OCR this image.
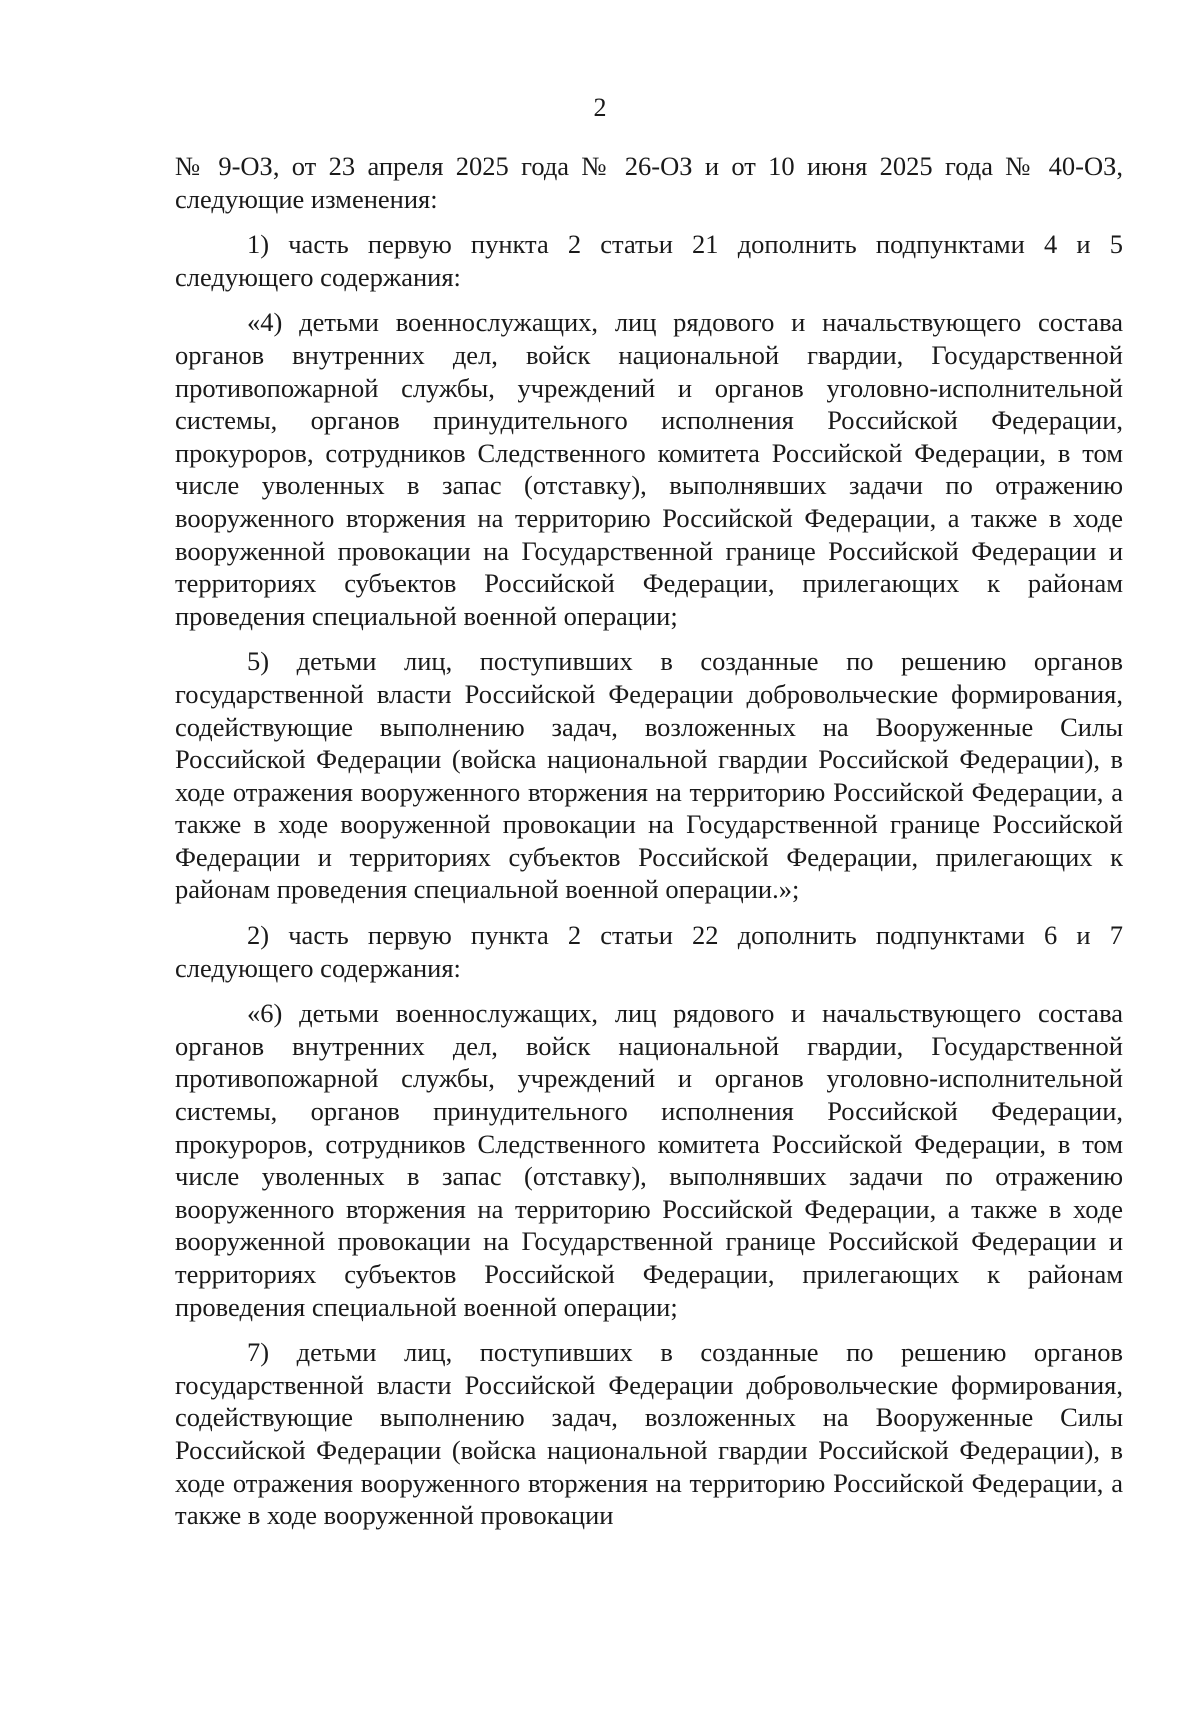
2

№ 9-ОЗ, от 23 апреля 2025 года № 26-ОЗ и от 10 июня 2025 года № 40-ОЗ, следующие изменения:

1) часть первую пункта 2 статьи 21 дополнить подпунктами 4 и 5 следующего содержания:

«4) детьми военнослужащих, лиц рядового и начальствующего состава органов внутренних дел, войск национальной гвардии, Государственной противопожарной службы, учреждений и органов уголовно-исполнительной системы, органов принудительного исполнения Российской Федерации, прокуроров, сотрудников Следственного комитета Российской Федерации, в том числе уволенных в запас (отставку), выполнявших задачи по отражению вооруженного вторжения на территорию Российской Федерации, а также в ходе вооруженной провокации на Государственной границе Российской Федерации и территориях субъектов Российской Федерации, прилегающих к районам проведения специальной военной операции;

5) детьми лиц, поступивших в созданные по решению органов государственной власти Российской Федерации добровольческие формирования, содействующие выполнению задач, возложенных на Вооруженные Силы Российской Федерации (войска национальной гвардии Российской Федерации), в ходе отражения вооруженного вторжения на территорию Российской Федерации, а также в ходе вооруженной провокации на Государственной границе Российской Федерации и территориях субъектов Российской Федерации, прилегающих к районам проведения специальной военной операции.»;

2) часть первую пункта 2 статьи 22 дополнить подпунктами 6 и 7 следующего содержания:

«6) детьми военнослужащих, лиц рядового и начальствующего состава органов внутренних дел, войск национальной гвардии, Государственной противопожарной службы, учреждений и органов уголовно-исполнительной системы, органов принудительного исполнения Российской Федерации, прокуроров, сотрудников Следственного комитета Российской Федерации, в том числе уволенных в запас (отставку), выполнявших задачи по отражению вооруженного вторжения на территорию Российской Федерации, а также в ходе вооруженной провокации на Государственной границе Российской Федерации и территориях субъектов Российской Федерации, прилегающих к районам проведения специальной военной операции;

7) детьми лиц, поступивших в созданные по решению органов государственной власти Российской Федерации добровольческие формирования, содействующие выполнению задач, возложенных на Вооруженные Силы Российской Федерации (войска национальной гвардии Российской Федерации), в ходе отражения вооруженного вторжения на территорию Российской Федерации, а также в ходе вооруженной провокации
